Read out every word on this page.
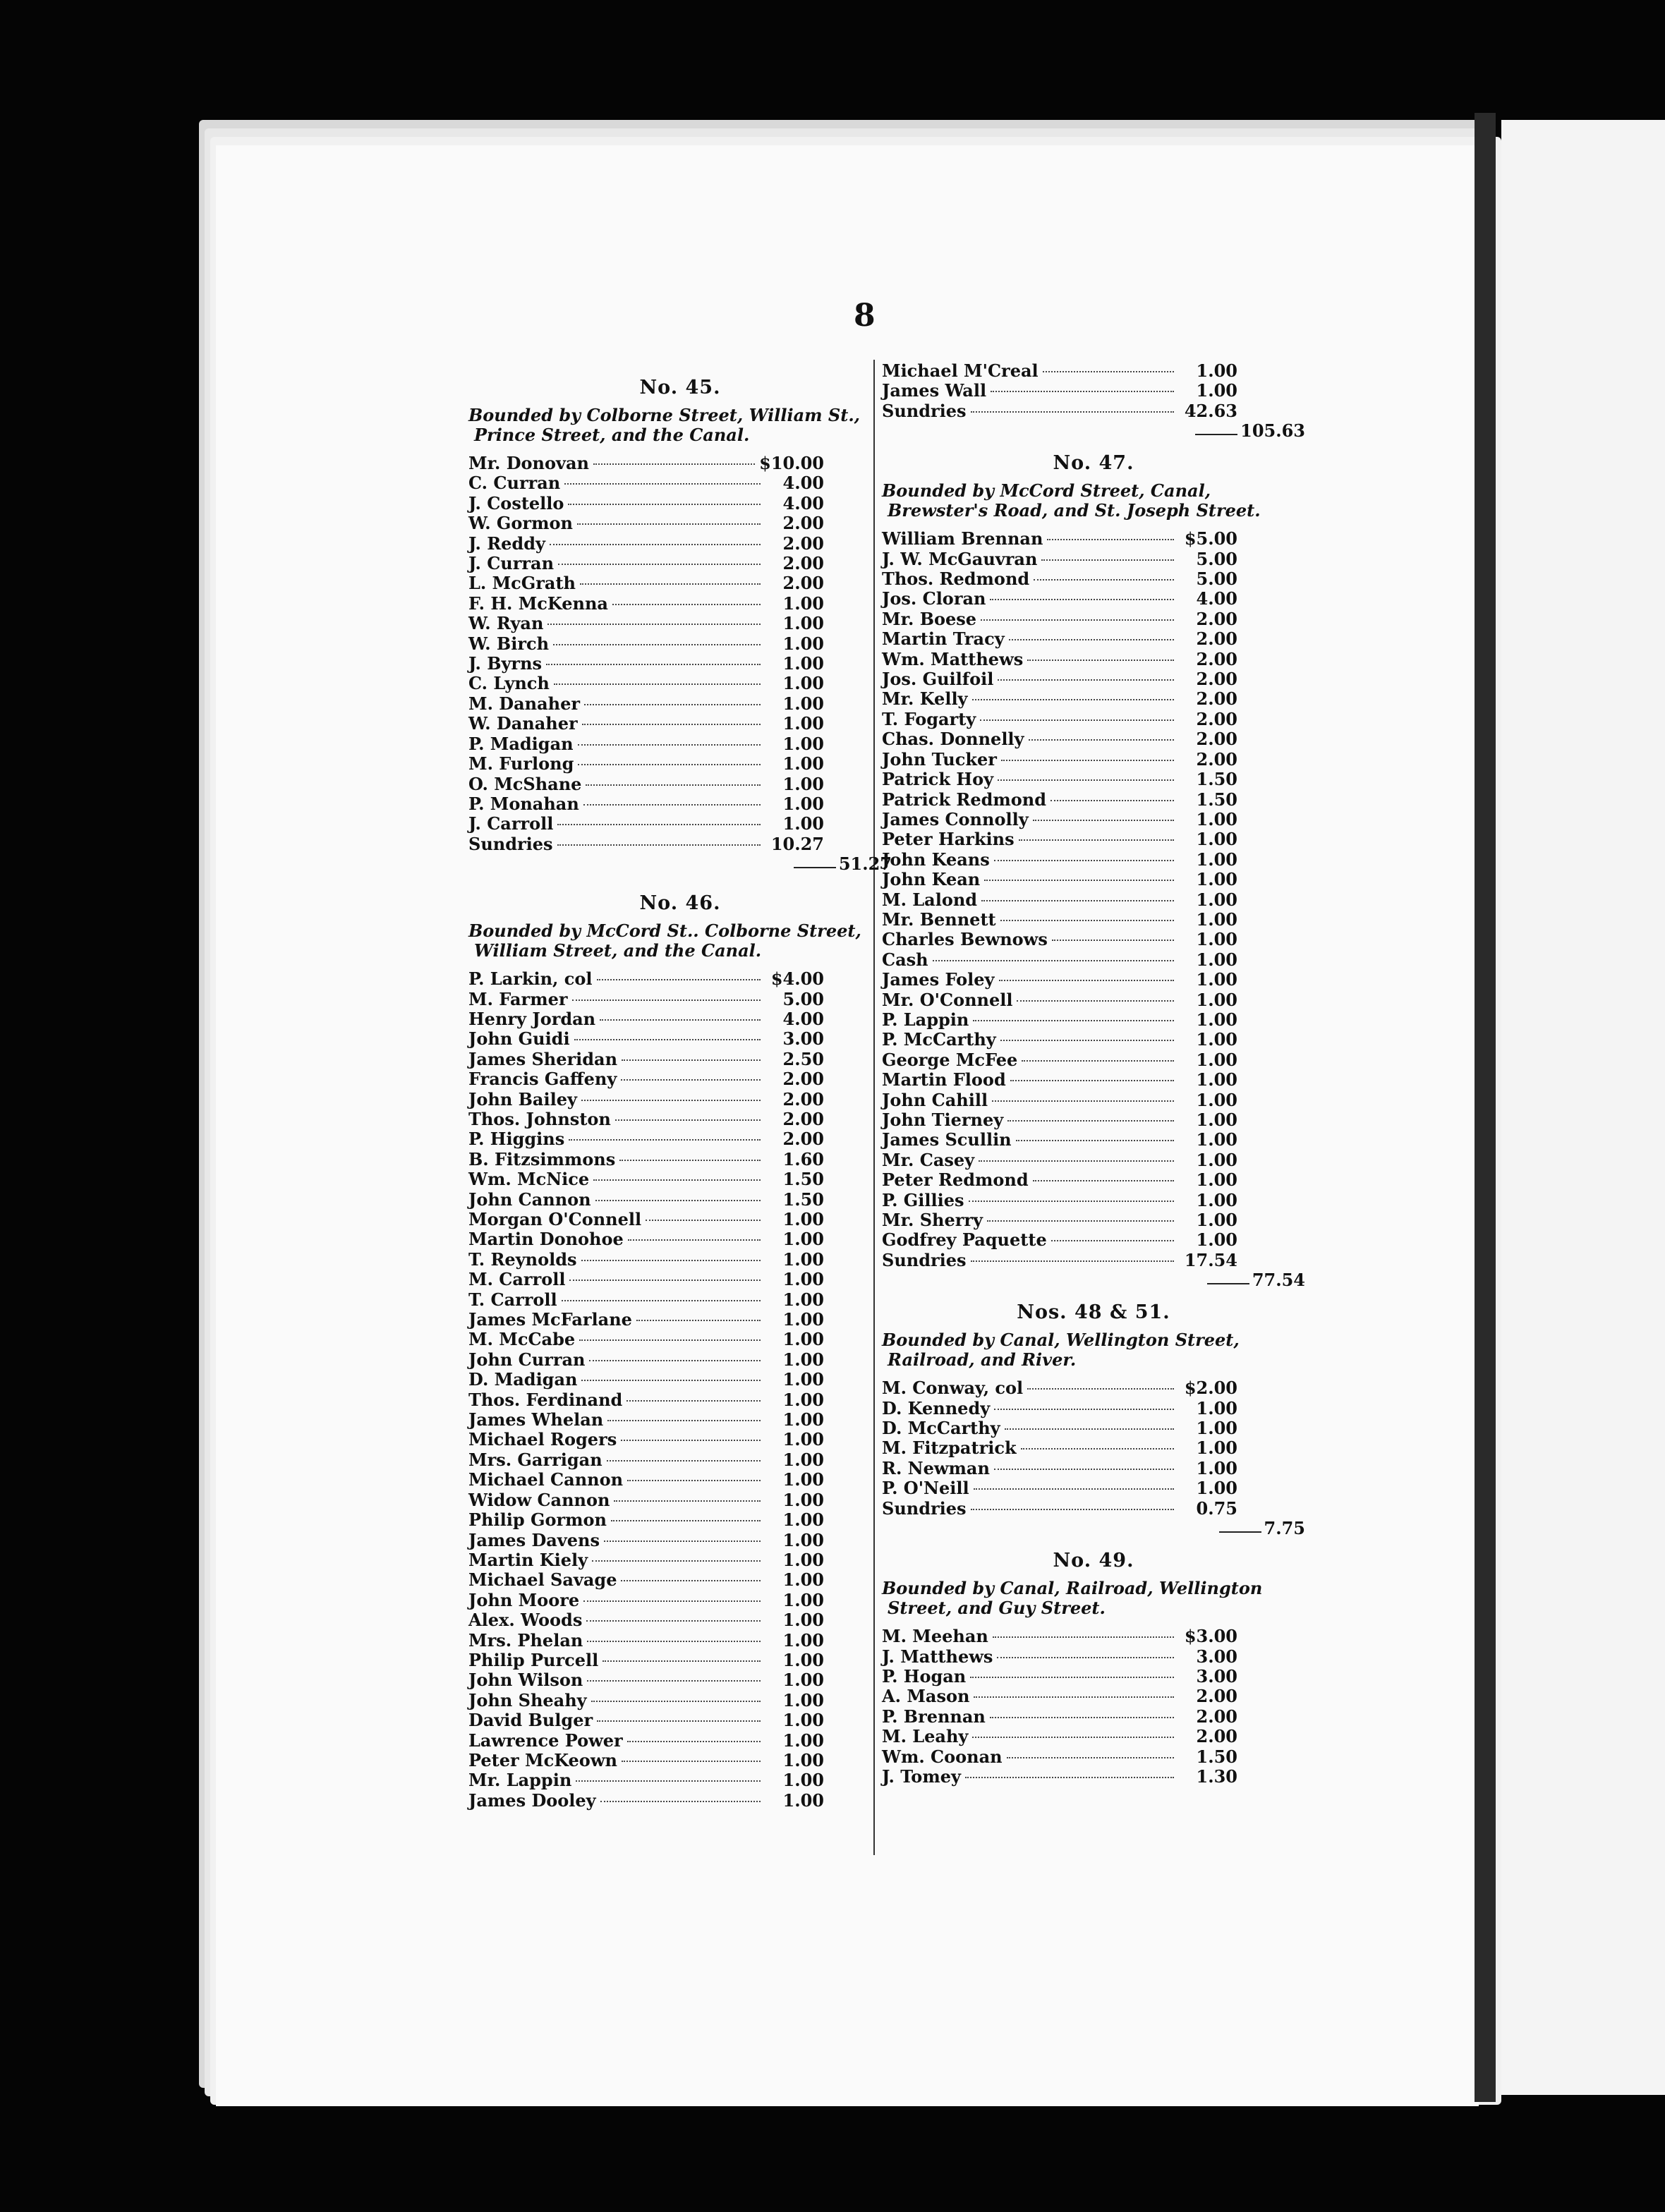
8
No. 45.
Bounded by Colborne Street, William St., Prince Street, and the Canal.
Mr. Donovan	$10.00
C. Curran	4.00
J. Costello	4.00
W. Gormon	2.00
J. Reddy	2.00
J. Curran	2.00
L. McGrath	2.00
F. H. McKenna	1.00
W. Ryan	1.00
W. Birch	1.00
J. Byrns	1.00
C. Lynch	1.00
M. Danaher	1.00
W. Danaher	1.00
P. Madigan	1.00
M. Furlong	1.00
O. McShane	1.00
P. Monahan	1.00
J. Carroll	1.00
Sundries	10.27
51.27
No. 46.
Bounded by McCord St.. Colborne Street, William Street, and the Canal.
P. Larkin, col	$4.00
M. Farmer	5.00
Henry Jordan	4.00
John Guidi	3.00
James Sheridan	2.50
Francis Gaffeny	2.00
John Bailey	2.00
Thos. Johnston	2.00
P. Higgins	2.00
B. Fitzsimmons	1.60
Wm. McNice	1.50
John Cannon	1.50
Morgan O'Connell	1.00
Martin Donohoe	1.00
T. Reynolds	1.00
M. Carroll	1.00
T. Carroll	1.00
James McFarlane	1.00
M. McCabe	1.00
John Curran	1.00
D. Madigan	1.00
Thos. Ferdinand	1.00
James Whelan	1.00
Michael Rogers	1.00
Mrs. Garrigan	1.00
Michael Cannon	1.00
Widow Cannon	1.00
Philip Gormon	1.00
James Davens	1.00
Martin Kiely	1.00
Michael Savage	1.00
John Moore	1.00
Alex. Woods	1.00
Mrs. Phelan	1.00
Philip Purcell	1.00
John Wilson	1.00
John Sheahy	1.00
David Bulger	1.00
Lawrence Power	1.00
Peter McKeown	1.00
Mr. Lappin	1.00
James Dooley	1.00
Michael M'Creal	1.00
James Wall	1.00
Sundries	42.63
105.63
No. 47.
Bounded by McCord Street, Canal, Brewster's Road, and St. Joseph Street.
William Brennan	$5.00
J. W. McGauvran	5.00
Thos. Redmond	5.00
Jos. Cloran	4.00
Mr. Boese	2.00
Martin Tracy	2.00
Wm. Matthews	2.00
Jos. Guilfoil	2.00
Mr. Kelly	2.00
T. Fogarty	2.00
Chas. Donnelly	2.00
John Tucker	2.00
Patrick Hoy	1.50
Patrick Redmond	1.50
James Connolly	1.00
Peter Harkins	1.00
John Keans	1.00
John Kean	1.00
M. Lalond	1.00
Mr. Bennett	1.00
Charles Bewnows	1.00
Cash	1.00
James Foley	1.00
Mr. O'Connell	1.00
P. Lappin	1.00
P. McCarthy	1.00
George McFee	1.00
Martin Flood	1.00
John Cahill	1.00
John Tierney	1.00
James Scullin	1.00
Mr. Casey	1.00
Peter Redmond	1.00
P. Gillies	1.00
Mr. Sherry	1.00
Godfrey Paquette	1.00
Sundries	17.54
77.54
Nos. 48 & 51.
Bounded by Canal, Wellington Street, Railroad, and River.
M. Conway, col	$2.00
D. Kennedy	1.00
D. McCarthy	1.00
M. Fitzpatrick	1.00
R. Newman	1.00
P. O'Neill	1.00
Sundries	0.75
7.75
No. 49.
Bounded by Canal, Railroad, Wellington Street, and Guy Street.
M. Meehan	$3.00
J. Matthews	3.00
P. Hogan	3.00
A. Mason	2.00
P. Brennan	2.00
M. Leahy	2.00
Wm. Coonan	1.50
J. Tomey	1.30
